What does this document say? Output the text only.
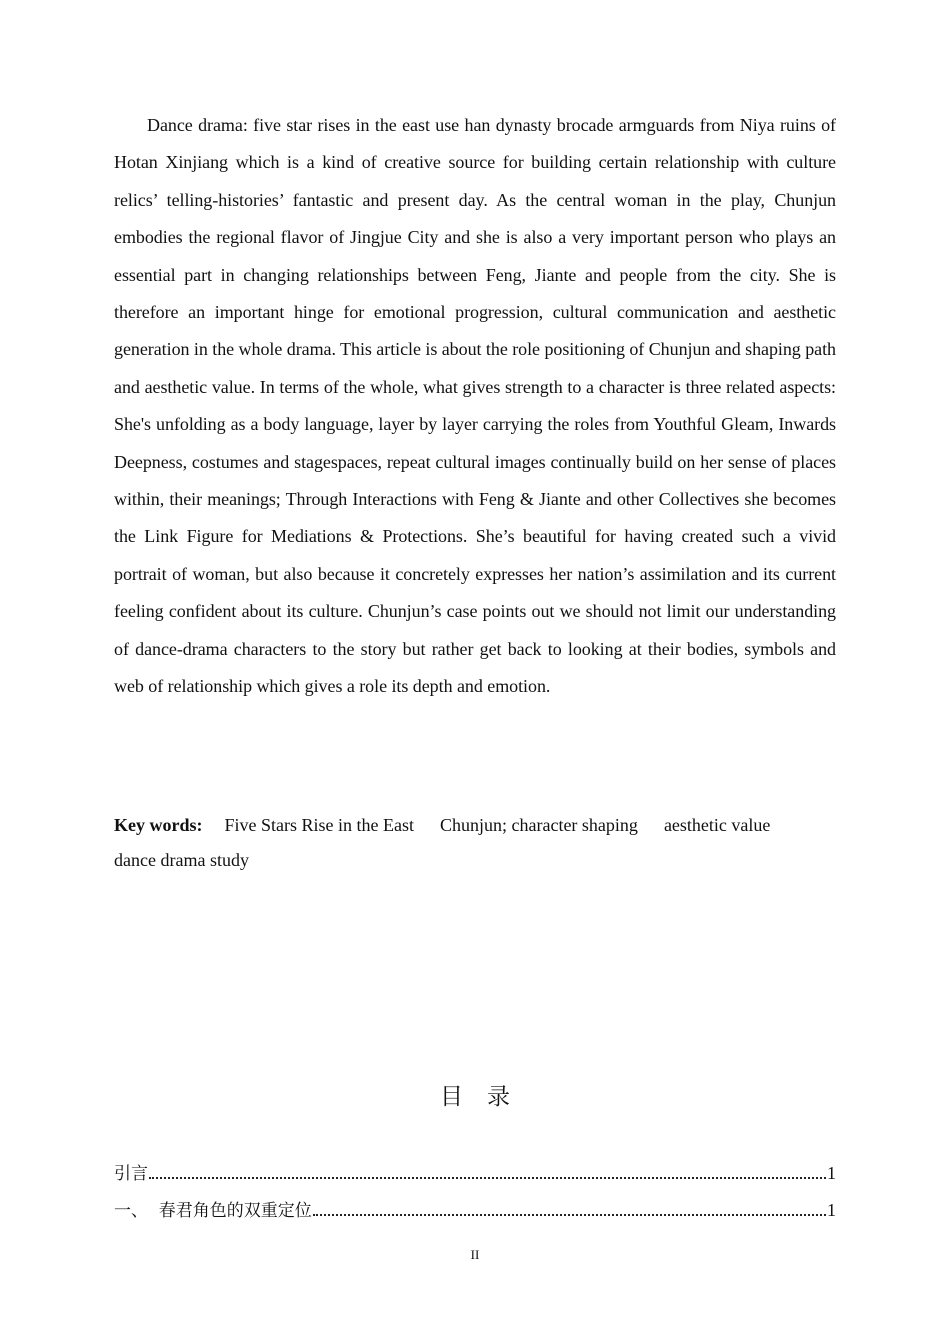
Dance drama: five star rises in the east use han dynasty brocade armguards from Niya ruins of Hotan Xinjiang which is a kind of creative source for building certain relationship with culture relics’ telling-histories’ fantastic and present day. As the central woman in the play, Chunjun embodies the regional flavor of Jingjue City and she is also a very important person who plays an essential part in changing relationships between Feng, Jiante and people from the city. She is therefore an important hinge for emotional progression, cultural communication and aesthetic generation in the whole drama. This article is about the role positioning of Chunjun and shaping path and aesthetic value. In terms of the whole, what gives strength to a character is three related aspects: She's unfolding as a body language, layer by layer carrying the roles from Youthful Gleam, Inwards Deepness, costumes and stagespaces, repeat cultural images continually build on her sense of places within, their meanings; Through Interactions with Feng & Jiante and other Collectives she becomes the Link Figure for Mediations & Protections. She’s beautiful for having created such a vivid portrait of woman, but also because it concretely expresses her nation’s assimilation and its current feeling confident about its culture. Chunjun’s case points out we should not limit our understanding of dance-drama characters to the story but rather get back to looking at their bodies, symbols and web of relationship which gives a role its depth and emotion.

Key words: Five Stars Rise in the East Chunjun; character shaping aesthetic value
dance drama study

目录
引言	1
一、  春君角色的双重定位	1
II
